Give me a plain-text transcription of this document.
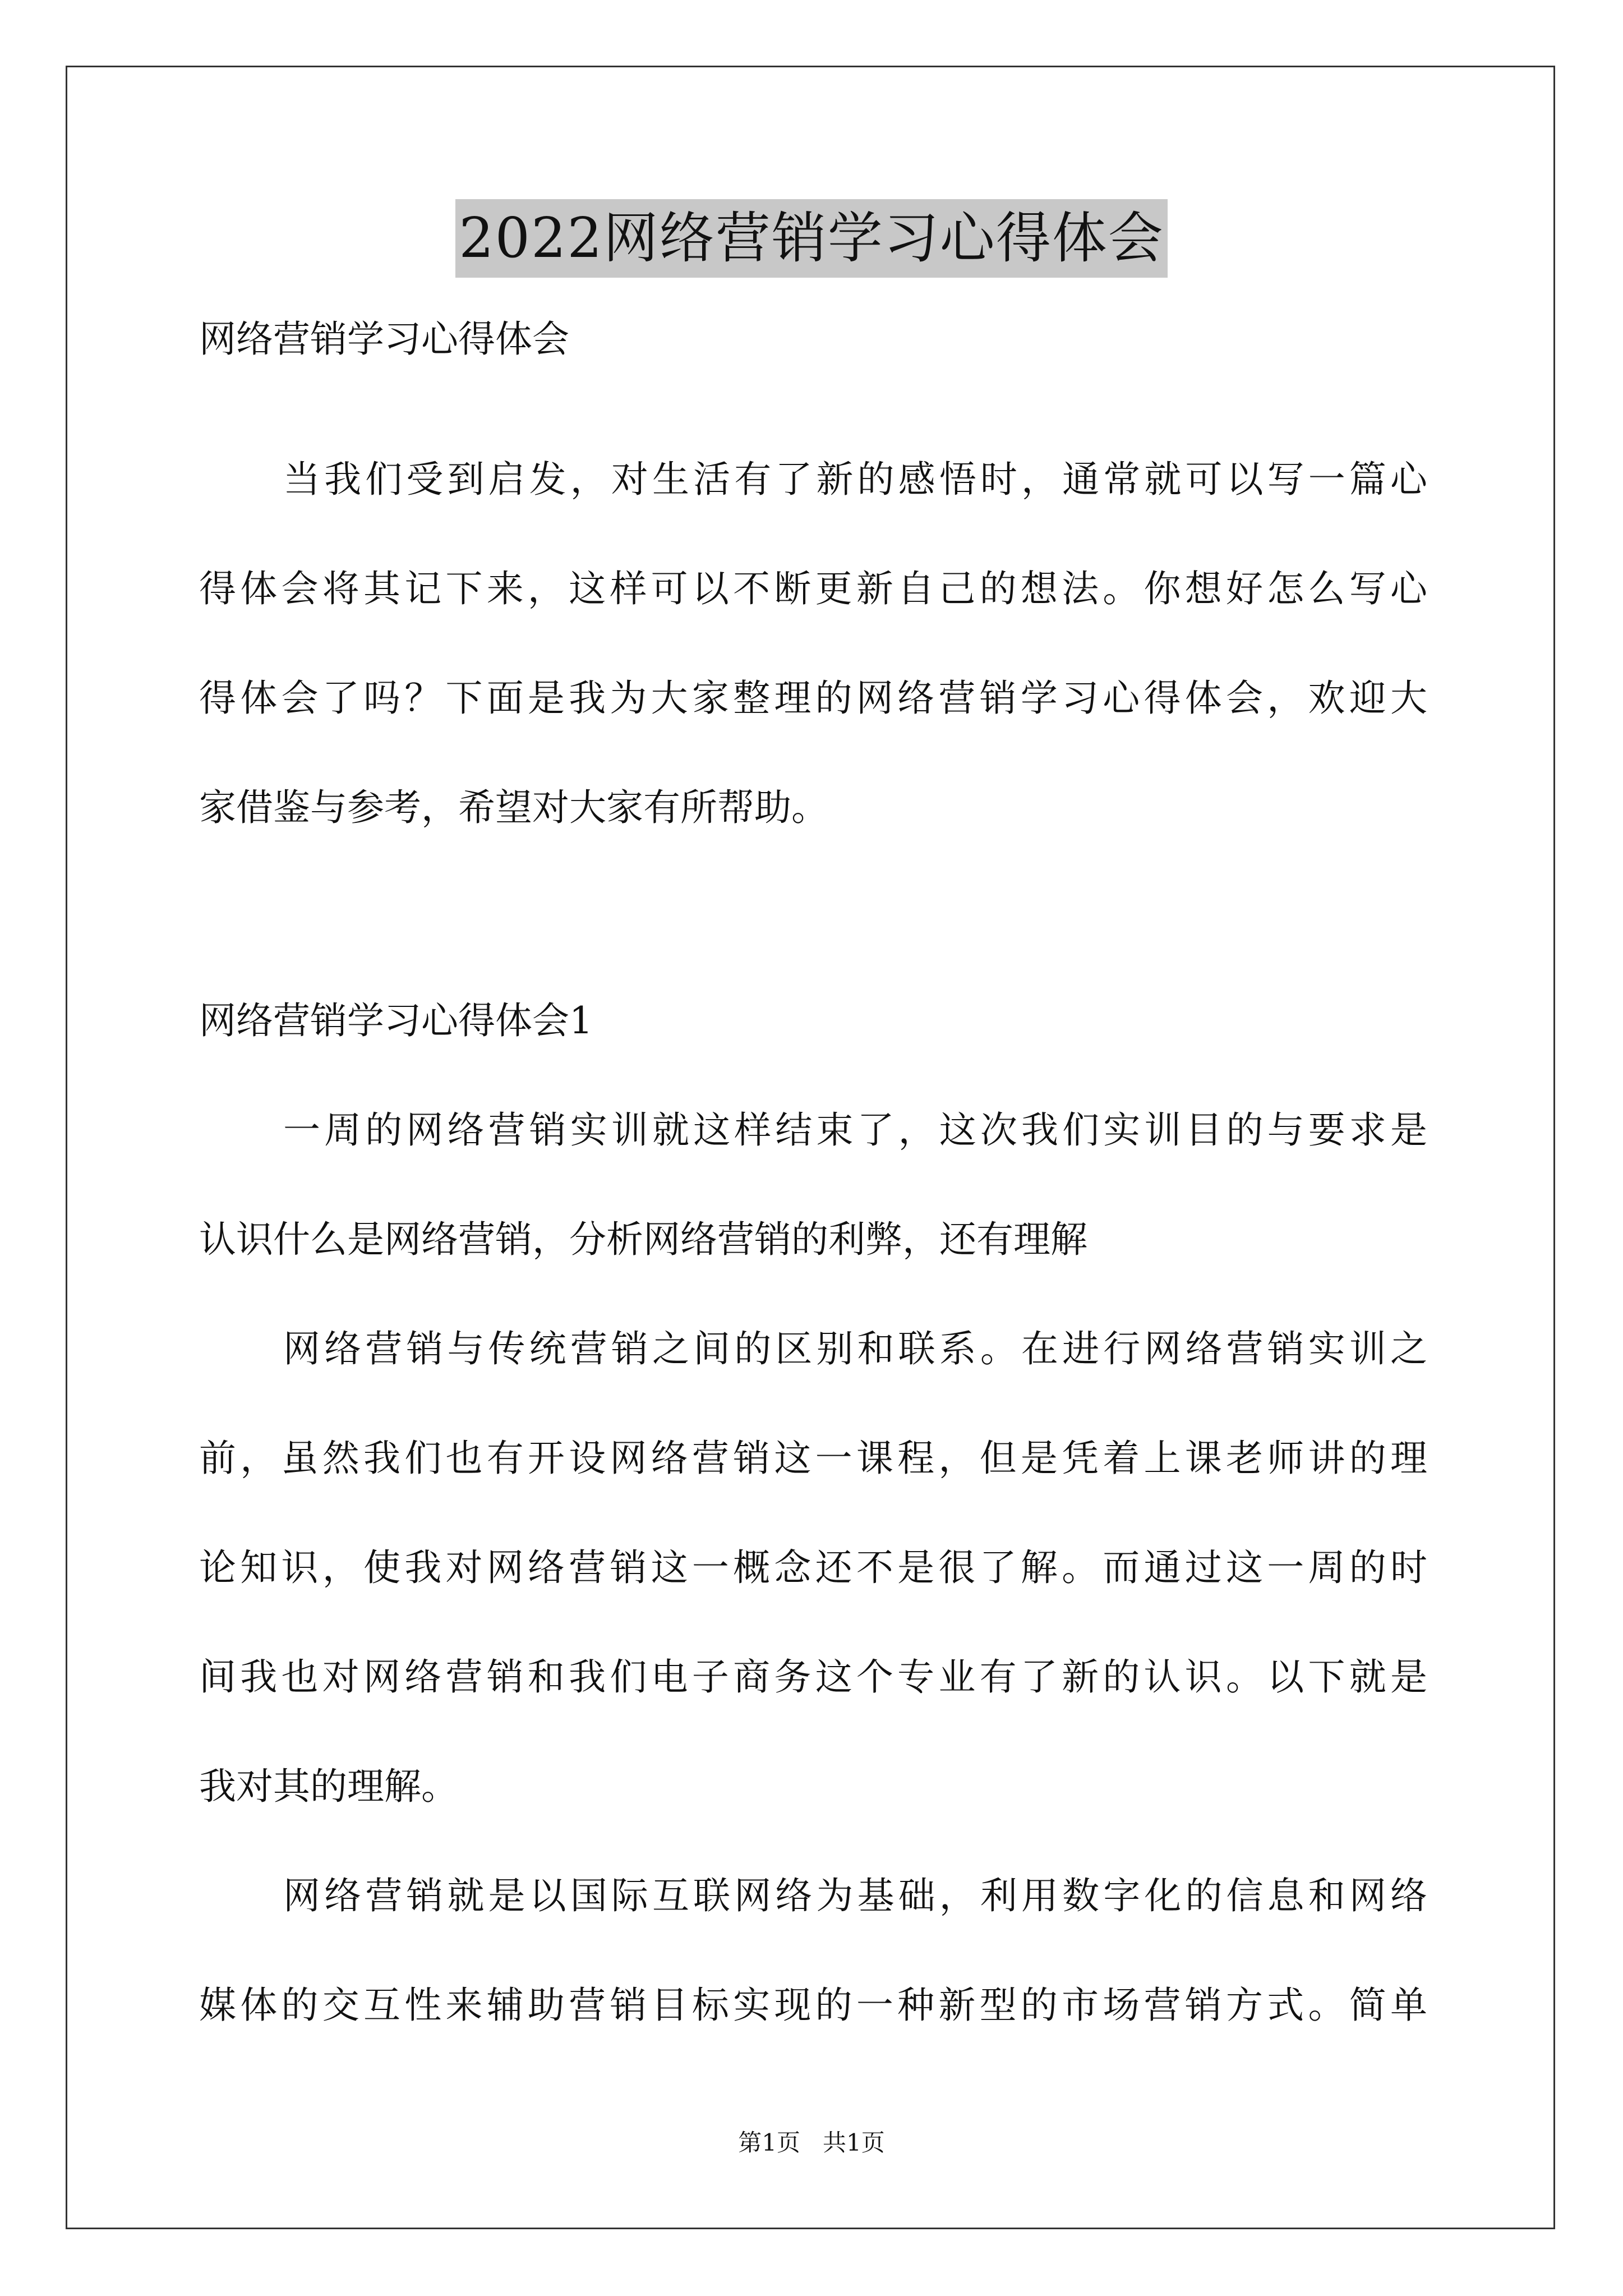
2022网络营销学习心得体会
网络营销学习心得体会
当我们受到启发，对生活有了新的感悟时，通常就可以写一篇心
得体会将其记下来，这样可以不断更新自己的想法。你想好怎么写心
得体会了吗？下面是我为大家整理的网络营销学习心得体会，欢迎大
家借鉴与参考，希望对大家有所帮助。
网络营销学习心得体会1
一周的网络营销实训就这样结束了，这次我们实训目的与要求是
认识什么是网络营销，分析网络营销的利弊，还有理解
网络营销与传统营销之间的区别和联系。在进行网络营销实训之
前，虽然我们也有开设网络营销这一课程，但是凭着上课老师讲的理
论知识，使我对网络营销这一概念还不是很了解。而通过这一周的时
间我也对网络营销和我们电子商务这个专业有了新的认识。以下就是
我对其的理解。
网络营销就是以国际互联网络为基础，利用数字化的信息和网络
媒体的交互性来辅助营销目标实现的一种新型的市场营销方式。简单
第1页   共1页
